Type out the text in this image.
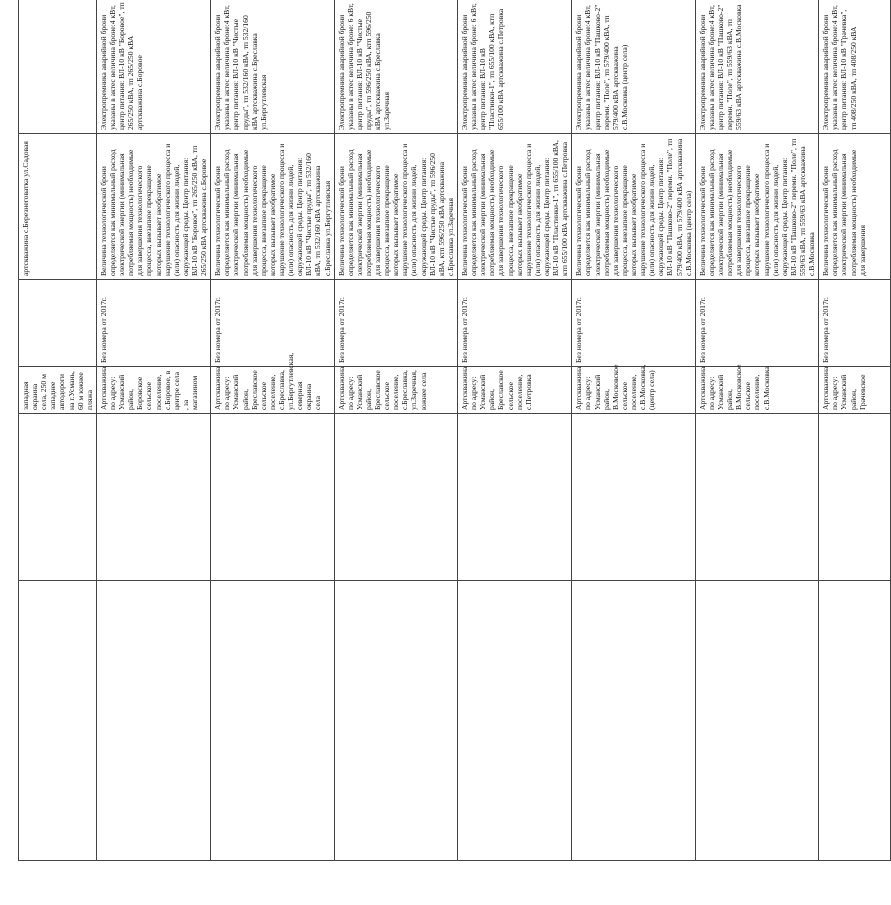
		западная окраина села, 250 м западнее автодороги на г.Усмань, 60 м южнее пляжа		артскважина с.Березнеговатка ул.Садовая	
		Артскважина по адресу: Усманский район, Боровское сельское поселение, с.Боровое, в центре села , за магазином	Без номера от 2017г.	Величина технологической брони определяется как минимальный расход электрической энергии (минимальная потребляемая мощность) необходимые для завершения технологического процесса, внезапное прекращение которых вызывает необратимое нарушение технологического процесса и (или) опасность для жизни людей, окружающей среды. Центр питания: ВЛ-10 кВ "Боровое", тп 265/250 кВА, тп 265/250 кВА артскважина с.Боровое	Электропремника аварийной брони указаны в актес величина броне:4 кВт, центр питания: ВЛ-10 кВ "Боровое", тп 265/250 кВА, тп 265/250 кВА артскважина с.Боровое
		Артскважина по адресу: Усманский район, Бреславское сельское поселение, с.Бреславка, ул.Бергутлевская, северная окраина села	Без номера от 2017г.	Величина технологической брони определяется как минимальный расход электрической энергии (минимальная потребляемая мощность) необходимые для завершения технологического процесса, внезапное прекращение которых вызывает необратимое нарушение технологического процесса и (или) опасность для жизни людей, окружающей среды. Центр питания: ВЛ-10 кВ "Чистые пруды", тп 532/160 кВА, тп 532/160 кВА артскважина с.Бреславка ул.Бергутлевская	Электропремника аварийной брони указаны в актес величина броне:4 кВт, центр питания: ВЛ-10 кВ "Чистые пруды", тп 532/160 кВА, тп 532/160 кВА артскважина с.Бреславка ул.Бергутлевская
		Артскважина по адресу: Усманский район, Бреславское сельское поселение, с.Бреславка, ул.Заречная, южнее села	Без номера от 2017г.	Величина технологической брони определяется как минимальный расход электрической энергии (минимальная потребляемая мощность) необходимые для завершения технологического процесса, внезапное прекращение которых вызывает необратимое нарушение технологического процесса и (или) опасность для жизни людей, окружающей среды. Центр питания: ВЛ-10 кВ "Чистые пруды", тп 596/250 кВА, ктп 596/250 кВА артскважина с.Бреславка ул.Заречная	Электропремника аварийной брони указаны в актес величина броне: 6 кВт, центр питания: ВЛ-10 кВ "Чистые пруды", тп 596/250 кВА, ктп 596/250 кВА артскважина с.Бреславка ул.Заречная
		Артскважина по адресу: Усманский район, Бреславское сельское поселение, с.Петровка	Без номера от 2017г.	Величина технологической брони определяется как минимальный расход электрической энергии (минимальная потребляемая мощность) необходимые для завершения технологического процесса, внезапное прекращение которых вызывает необратимое нарушение технологического процесса и (или) опасность для жизни людей, окружающей среды. Центр питания: ВЛ-10 кВ "Пластинки-1", тп 655/100 кВА, ктп 655/100 кВА артскважина с.Петровка	Электропремника аварийной брони указаны в актес величина броне: 6 кВт, центр питания: ВЛ-10 кВ "Пластинки-1", тп 655/100 кВА, ктп 655/100 кВА артскважина с.Петровка
		Артскважина по адресу: Усманский район, В.Московское сельское поселение, с.В.Московка, (центр села)	Без номера от 2017г.	Величина технологической брони определяется как минимальный расход электрической энергии (минимальная потребляемая мощность) необходимые для завершения технологического процесса, внезапное прекращение которых вызывает необратимое нарушение технологического процесса и (или) опасность для жизни людей, окружающей среды. Центр питания: ВЛ-10 кВ "Пашково-2" перемн. "Поле", тп 579/400 кВА, тп 579/400 кВА артскважина с.В.Московка (центр села)	Электропремника аварийной брони указаны в актес величина броне:4 кВт, центр питания: ВЛ-10 кВ "Пашково-2" перемн. "Поле", тп 579/400 кВА, тп 579/400 кВА артскважина с.В.Московка (центр села)
		Артскважина по адресу: Усманский район, В.Московское сельское поселение, с.В.Московка	Без номера от 2017г.	Величина технологической брони определяется как минимальный расход электрической энергии (минимальная потребляемая мощность) необходимые для завершения технологического процесса, внезапное прекращение которых вызывает необратимое нарушение технологического процесса и (или) опасность для жизни людей, окружающей среды. Центр питания: ВЛ-10 кВ "Пашково-2" перемн. "Поле", тп 559/63 кВА, тп 559/63 кВА артскважина с.В.Московка	Электропремника аварийной брони указаны в актес величина броне:4 кВт, центр питания: ВЛ-10 кВ "Пашково-2" перемн. "Поле", тп 559/63 кВА, тп 559/63 кВА артскважина с.В.Московка
		Артскважина по адресу: Усманский район, Грачевское	Без номера от 2017г.	Величина технологической брони определяется как минимальный расход электрической энергии (минимальная потребляемая мощность) необходимые для завершения	Электропремника аварийной брони указаны в актес величина броне:4 кВт, центр питания: ВЛ-10 кВ "Грачевка", тп 408/250 кВА, тп 408/250 кВА
